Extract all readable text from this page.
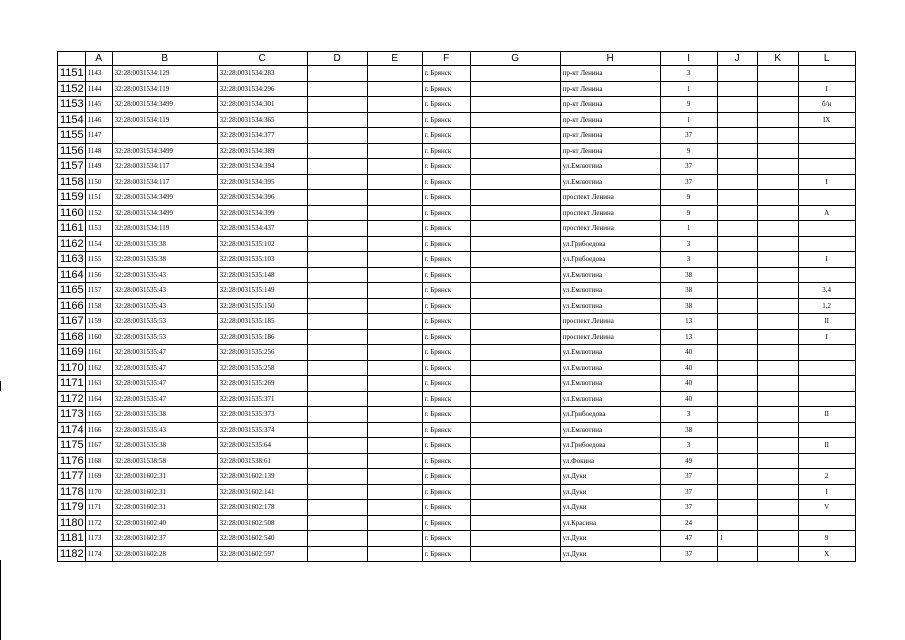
	A	B	C	D	E	F	G	H	I	J	K	L
1151	1143	32:28:0031534:129	32:28:0031534:283			г. Брянск		пр-кт Ленина	3			
1152	1144	32:28:0031534:119	32:28:0031534:296			г. Брянск		пр-кт Ленина	1			I
1153	1145	32:28:0031534:3499	32:28:0031534:301			г. Брянск		пр-кт Ленина	9			б/н
1154	1146	32:28:0031534:119	32:28:0031534:365			г. Брянск		пр-кт Ленина	1			IX
1155	1147		32:28:0031534:377			г. Брянск		пр-кт Ленина	37			
1156	1148	32:28:0031534:3499	32:28:0031534:389			г. Брянск		пр-кт Ленина	9			
1157	1149	32:28:0031534:117	32:28:0031534:394			г. Брянск		ул.Емлютина	37			
1158	1150	32:28:0031534:117	32:28:0031534:395			г. Брянск		ул.Емлютина	37			I
1159	1151	32:28:0031534:3499	32:28:0031534:396			г. Брянск		проспект Ленина	9			
1160	1152	32:28:0031534:3499	32:28:0031534:399			г. Брянск		проспект Ленина	9			А
1161	1153	32:28:0031534:119	32:28:0031534:437			г. Брянск		проспект Ленина	1			
1162	1154	32:28:0031535:38	32:28:0031535:102			г. Брянск		ул.Грибоедова	3			
1163	1155	32:28:0031535:38	32:28:0031535:103			г. Брянск		ул.Грибоедова	3			I
1164	1156	32:28:0031535:43	32:28:0031535:148			г. Брянск		ул.Емлютина	38			
1165	1157	32:28:0031535:43	32:28:0031535:149			г. Брянск		ул.Емлютина	38			3,4
1166	1158	32:28:0031535:43	32:28:0031535:150			г. Брянск		ул.Емлютина	38			1,2
1167	1159	32:28:0031535:53	32:28:0031535:185			г. Брянск		проспект Ленина	13			II
1168	1160	32:28:0031535:53	32:28:0031535:186			г. Брянск		проспект Ленина	13			I
1169	1161	32:28:0031535:47	32:28:0031535:256			г. Брянск		ул.Емлютина	40			
1170	1162	32:28:0031535:47	32:28:0031535:258			г. Брянск		ул.Емлютина	40			
1171	1163	32:28:0031535:47	32:28:0031535:269			г. Брянск		ул.Емлютина	40			
1172	1164	32:28:0031535:47	32:28:0031535:371			г. Брянск		ул.Емлютина	40			
1173	1165	32:28:0031535:38	32:28:0031535:373			г. Брянск		ул.Грибоедова	3			II
1174	1166	32:28:0031535:43	32:28:0031535:374			г. Брянск		ул.Емлютина	38			
1175	1167	32:28:0031535:38	32:28:0031535:64			г. Брянск		ул.Грибоедова	3			II
1176	1168	32:28:0031538:58	32:28:0031538:61			г. Брянск		ул.Фокина	49			
1177	1169	32:28:0031602:31	32:28:0031602:139			г. Брянск		ул.Дуки	37			2
1178	1170	32:28:0031602:31	32:28:0031602:141			г. Брянск		ул.Дуки	37			I
1179	1171	32:28:0031602:31	32:28:0031602:178			г. Брянск		ул.Дуки	37			V
1180	1172	32:28:0031602:40	32:28:0031602:508			г. Брянск		ул.Красина	24			
1181	1173	32:28:0031602:37	32:28:0031602:540			г. Брянск		ул.Дуки	47	1		9
1182	1174	32:28:0031602:28	32:28:0031602:597			г. Брянск		ул.Дуки	37			X
